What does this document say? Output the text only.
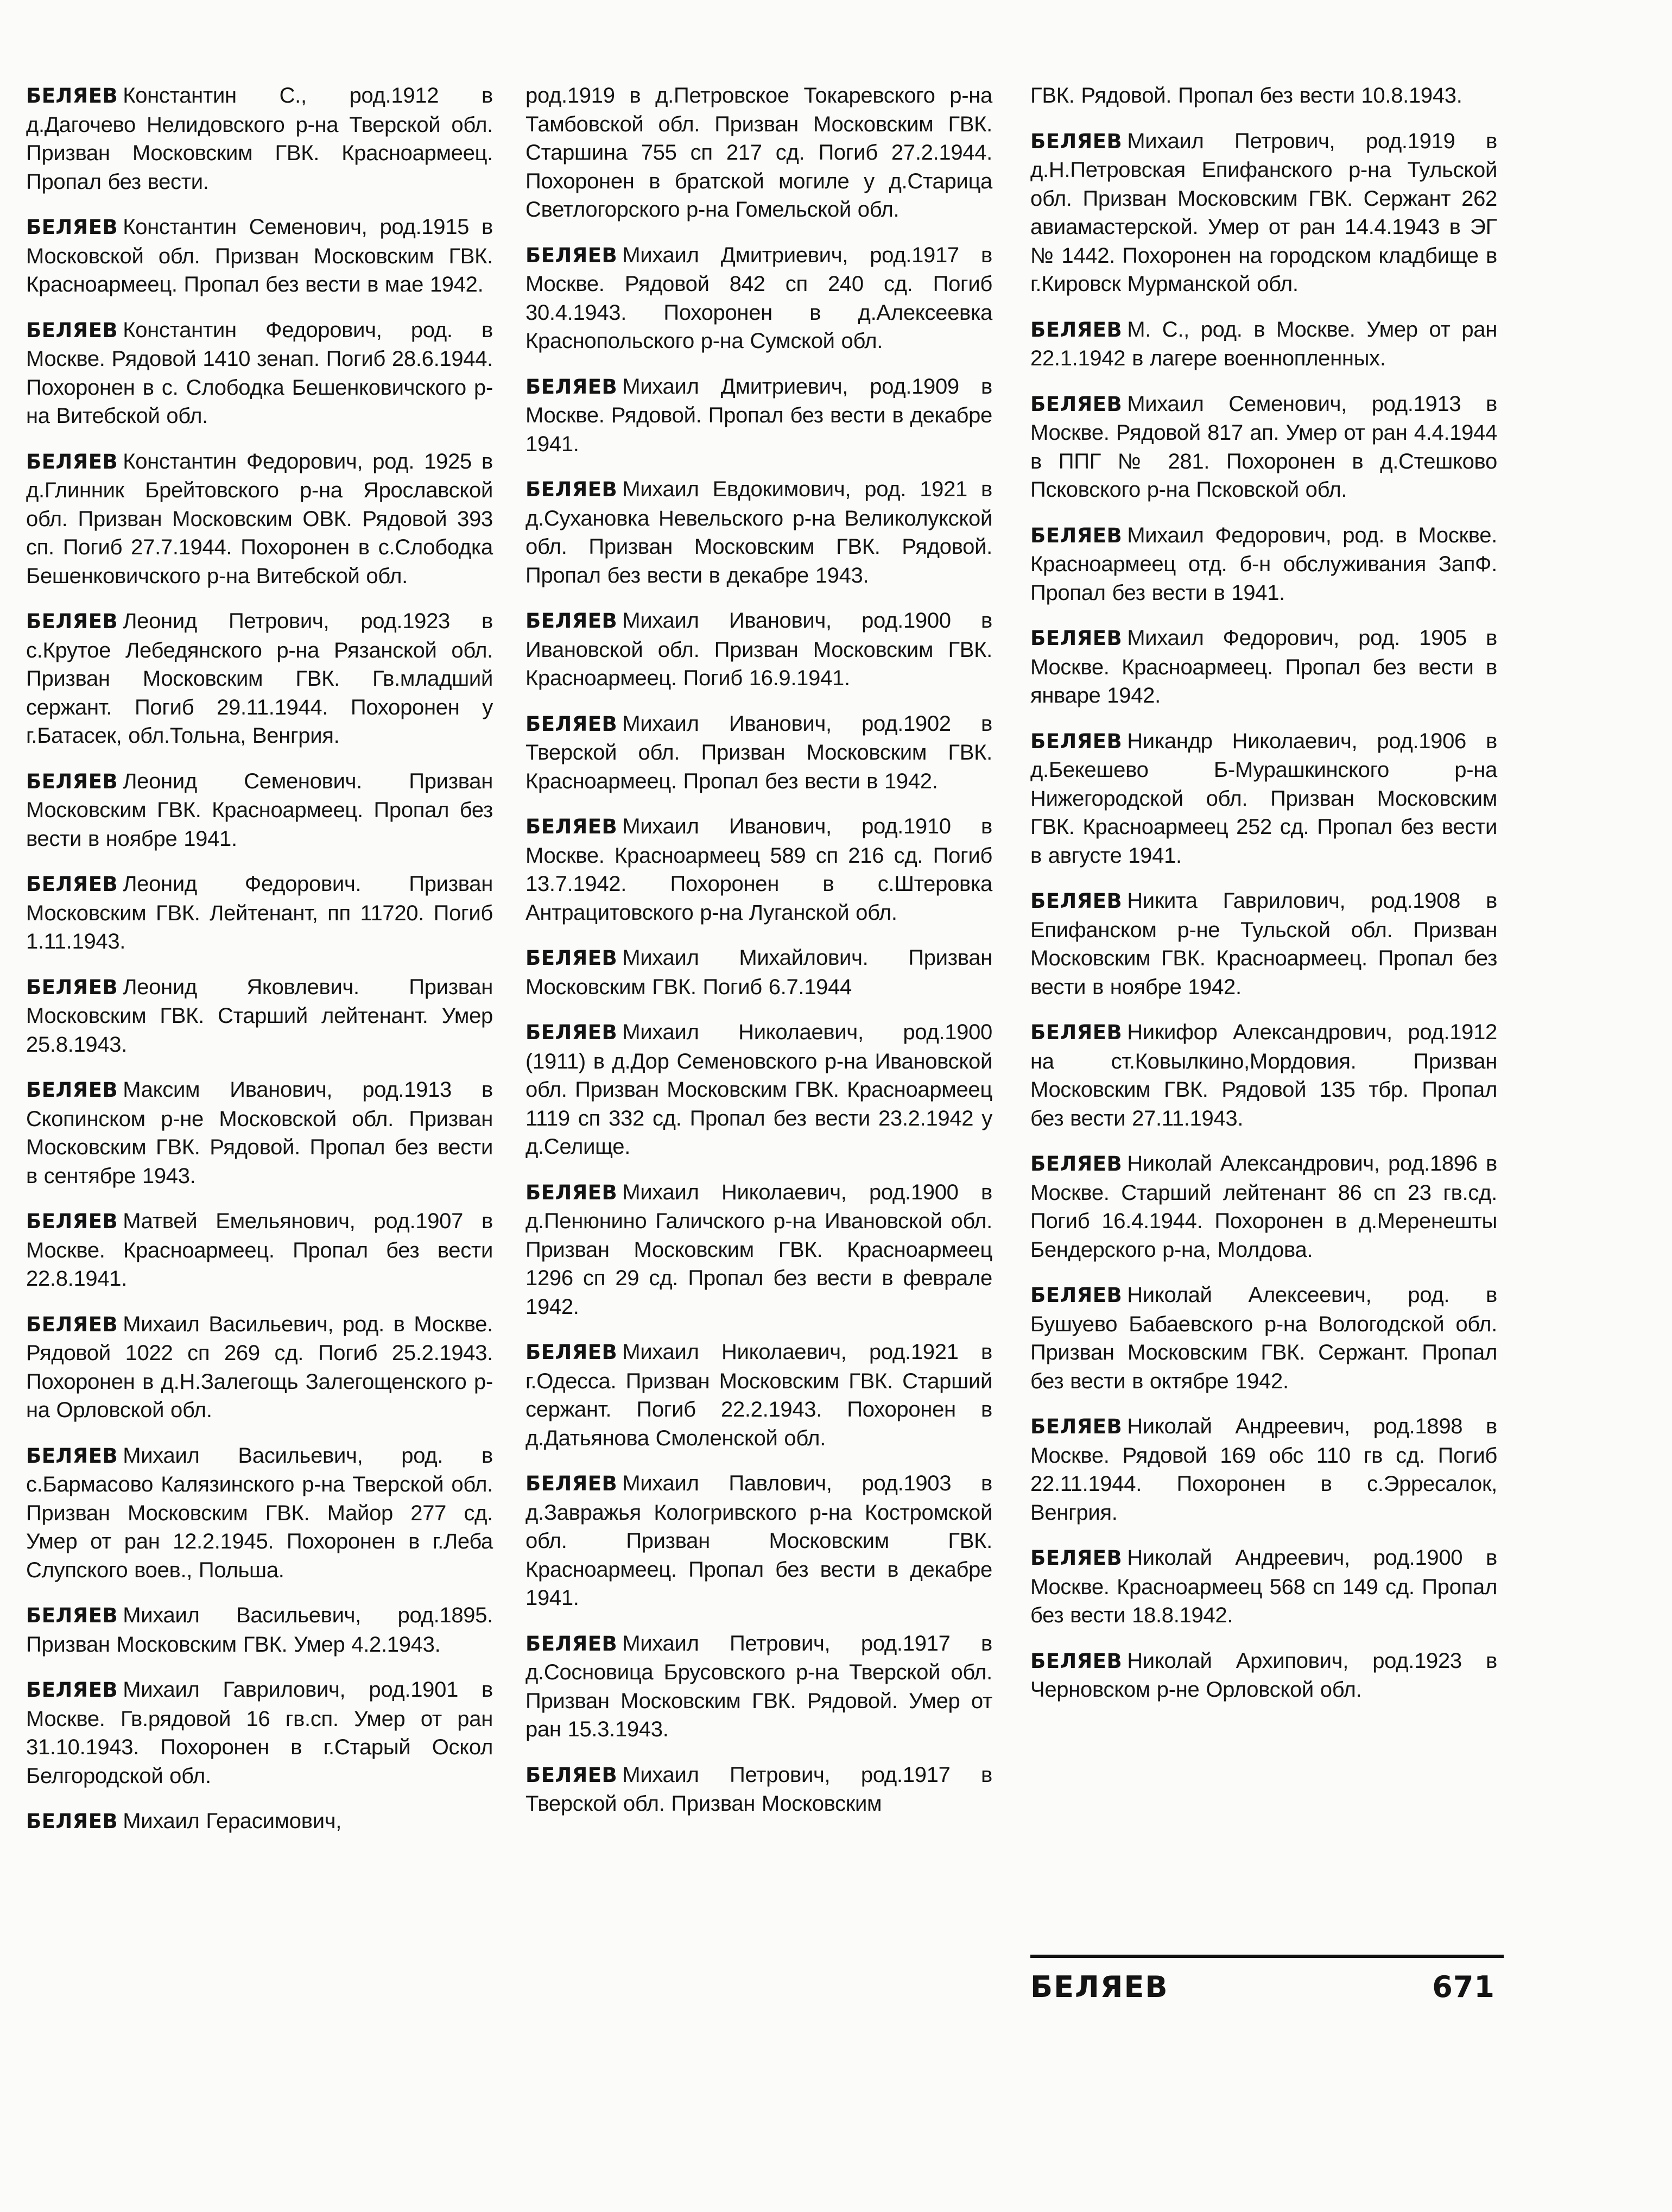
БЕЛЯЕВ Константин С., род.1912 в д.Дагочево Нелидовского р-на Тверской обл. Призван Московским ГВК. Красноармеец. Пропал без вести.

БЕЛЯЕВ Константин Семенович, род.1915 в Московской обл. Призван Московским ГВК. Красноармеец. Пропал без вести в мае 1942.

БЕЛЯЕВ Константин Федорович, род. в Москве. Рядовой 1410 зенап. Погиб 28.6.1944. Похоронен в с. Слободка Бешенковичского р-на Витебской обл.

БЕЛЯЕВ Константин Федорович, род. 1925 в д.Глинник Брейтовского р-на Ярославской обл. Призван Московским ОВК. Рядовой 393 сп. Погиб 27.7.1944. Похоронен в с.Слободка Бешенковичского р-на Витебской обл.

БЕЛЯЕВ Леонид Петрович, род.1923 в с.Крутое Лебедянского р-на Рязанской обл. Призван Московским ГВК. Гв.младший сержант. Погиб 29.11.1944. Похоронен у г.Батасек, обл.Тольна, Венгрия.

БЕЛЯЕВ Леонид Семенович. Призван Московским ГВК. Красноармеец. Пропал без вести в ноябре 1941.

БЕЛЯЕВ Леонид Федорович. Призван Московским ГВК. Лейтенант, пп 11720. Погиб 1.11.1943.

БЕЛЯЕВ Леонид Яковлевич. Призван Московским ГВК. Старший лейтенант. Умер 25.8.1943.

БЕЛЯЕВ Максим Иванович, род.1913 в Скопинском р-не Московской обл. Призван Московским ГВК. Рядовой. Пропал без вести в сентябре 1943.

БЕЛЯЕВ Матвей Емельянович, род.1907 в Москве. Красноармеец. Пропал без вести 22.8.1941.

БЕЛЯЕВ Михаил Васильевич, род. в Москве. Рядовой 1022 сп 269 сд. Погиб 25.2.1943. Похоронен в д.Н.Залегощь Залегощенского р-на Орловской обл.

БЕЛЯЕВ Михаил Васильевич, род. в с.Бармасово Калязинского р-на Тверской обл. Призван Московским ГВК. Майор 277 сд. Умер от ран 12.2.1945. Похоронен в г.Леба Слупского воев., Польша.

БЕЛЯЕВ Михаил Васильевич, род.1895. Призван Московским ГВК. Умер 4.2.1943.

БЕЛЯЕВ Михаил Гаврилович, род.1901 в Москве. Гв.рядовой 16 гв.сп. Умер от ран 31.10.1943. Похоронен в г.Старый Оскол Белгородской обл.

БЕЛЯЕВ Михаил Герасимович,

род.1919 в д.Петровское Токаревского р-на Тамбовской обл. Призван Московским ГВК. Старшина 755 сп 217 сд. Погиб 27.2.1944. Похоронен в братской могиле у д.Старица Светлогорского р-на Гомельской обл.

БЕЛЯЕВ Михаил Дмитриевич, род.1917 в Москве. Рядовой 842 сп 240 сд. Погиб 30.4.1943. Похоронен в д.Алексеевка Краснопольского р-на Сумской обл.

БЕЛЯЕВ Михаил Дмитриевич, род.1909 в Москве. Рядовой. Пропал без вести в декабре 1941.

БЕЛЯЕВ Михаил Евдокимович, род. 1921 в д.Сухановка Невельского р-на Великолукской обл. Призван Московским ГВК. Рядовой. Пропал без вести в декабре 1943.

БЕЛЯЕВ Михаил Иванович, род.1900 в Ивановской обл. Призван Московским ГВК. Красноармеец. Погиб 16.9.1941.

БЕЛЯЕВ Михаил Иванович, род.1902 в Тверской обл. Призван Московским ГВК. Красноармеец. Пропал без вести в 1942.

БЕЛЯЕВ Михаил Иванович, род.1910 в Москве. Красноармеец 589 сп 216 сд. Погиб 13.7.1942. Похоронен в с.Штеровка Антрацитовского р-на Луганской обл.

БЕЛЯЕВ Михаил Михайлович. Призван Московским ГВК. Погиб 6.7.1944

БЕЛЯЕВ Михаил Николаевич, род.1900 (1911) в д.Дор Семеновского р-на Ивановской обл. Призван Московским ГВК. Красноармеец 1119 сп 332 сд. Пропал без вести 23.2.1942 у д.Селище.

БЕЛЯЕВ Михаил Николаевич, род.1900 в д.Пенюнино Галичского р-на Ивановской обл. Призван Московским ГВК. Красноармеец 1296 сп 29 сд. Пропал без вести в феврале 1942.

БЕЛЯЕВ Михаил Николаевич, род.1921 в г.Одесса. Призван Московским ГВК. Старший сержант. Погиб 22.2.1943. Похоронен в д.Датьянова Смоленской обл.

БЕЛЯЕВ Михаил Павлович, род.1903 в д.Завражья Кологривского р-на Костромской обл. Призван Московским ГВК. Красноармеец. Пропал без вести в декабре 1941.

БЕЛЯЕВ Михаил Петрович, род.1917 в д.Сосновица Брусовского р-на Тверской обл. Призван Московским ГВК. Рядовой. Умер от ран 15.3.1943.

БЕЛЯЕВ Михаил Петрович, род.1917 в Тверской обл. Призван Московским

ГВК. Рядовой. Пропал без вести 10.8.1943.

БЕЛЯЕВ Михаил Петрович, род.1919 в д.Н.Петровская Епифанского р-на Тульской обл. Призван Московским ГВК. Сержант 262 авиамастерской. Умер от ран 14.4.1943 в ЭГ № 1442. Похоронен на городском кладбище в г.Кировск Мурманской обл.

БЕЛЯЕВ М. С., род. в Москве. Умер от ран 22.1.1942 в лагере военнопленных.

БЕЛЯЕВ Михаил Семенович, род.1913 в Москве. Рядовой 817 ап. Умер от ран 4.4.1944 в ППГ № 281. Похоронен в д.Стешково Псковского р-на Псковской обл.

БЕЛЯЕВ Михаил Федорович, род. в Москве. Красноармеец отд. б-н обслуживания ЗапФ. Пропал без вести в 1941.

БЕЛЯЕВ Михаил Федорович, род. 1905 в Москве. Красноармеец. Пропал без вести в январе 1942.

БЕЛЯЕВ Никандр Николаевич, род.1906 в д.Бекешево Б-Мурашкинского р-на Нижегородской обл. Призван Московским ГВК. Красноармеец 252 сд. Пропал без вести в августе 1941.

БЕЛЯЕВ Никита Гаврилович, род.1908 в Епифанском р-не Тульской обл. Призван Московским ГВК. Красноармеец. Пропал без вести в ноябре 1942.

БЕЛЯЕВ Никифор Александрович, род.1912 на ст.Ковылкино,Мордовия. Призван Московским ГВК. Рядовой 135 тбр. Пропал без вести 27.11.1943.

БЕЛЯЕВ Николай Александрович, род.1896 в Москве. Старший лейтенант 86 сп 23 гв.сд. Погиб 16.4.1944. Похоронен в д.Меренешты Бендерского р-на, Молдова.

БЕЛЯЕВ Николай Алексеевич, род. в Бушуево Бабаевского р-на Вологодской обл. Призван Московским ГВК. Сержант. Пропал без вести в октябре 1942.

БЕЛЯЕВ Николай Андреевич, род.1898 в Москве. Рядовой 169 обс 110 гв сд. Погиб 22.11.1944. Похоронен в с.Эрресалок, Венгрия.

БЕЛЯЕВ Николай Андреевич, род.1900 в Москве. Красноармеец 568 сп 149 сд. Пропал без вести 18.8.1942.

БЕЛЯЕВ Николай Архипович, род.1923 в Черновском р-не Орловской обл.

БЕЛЯЕВ	671
